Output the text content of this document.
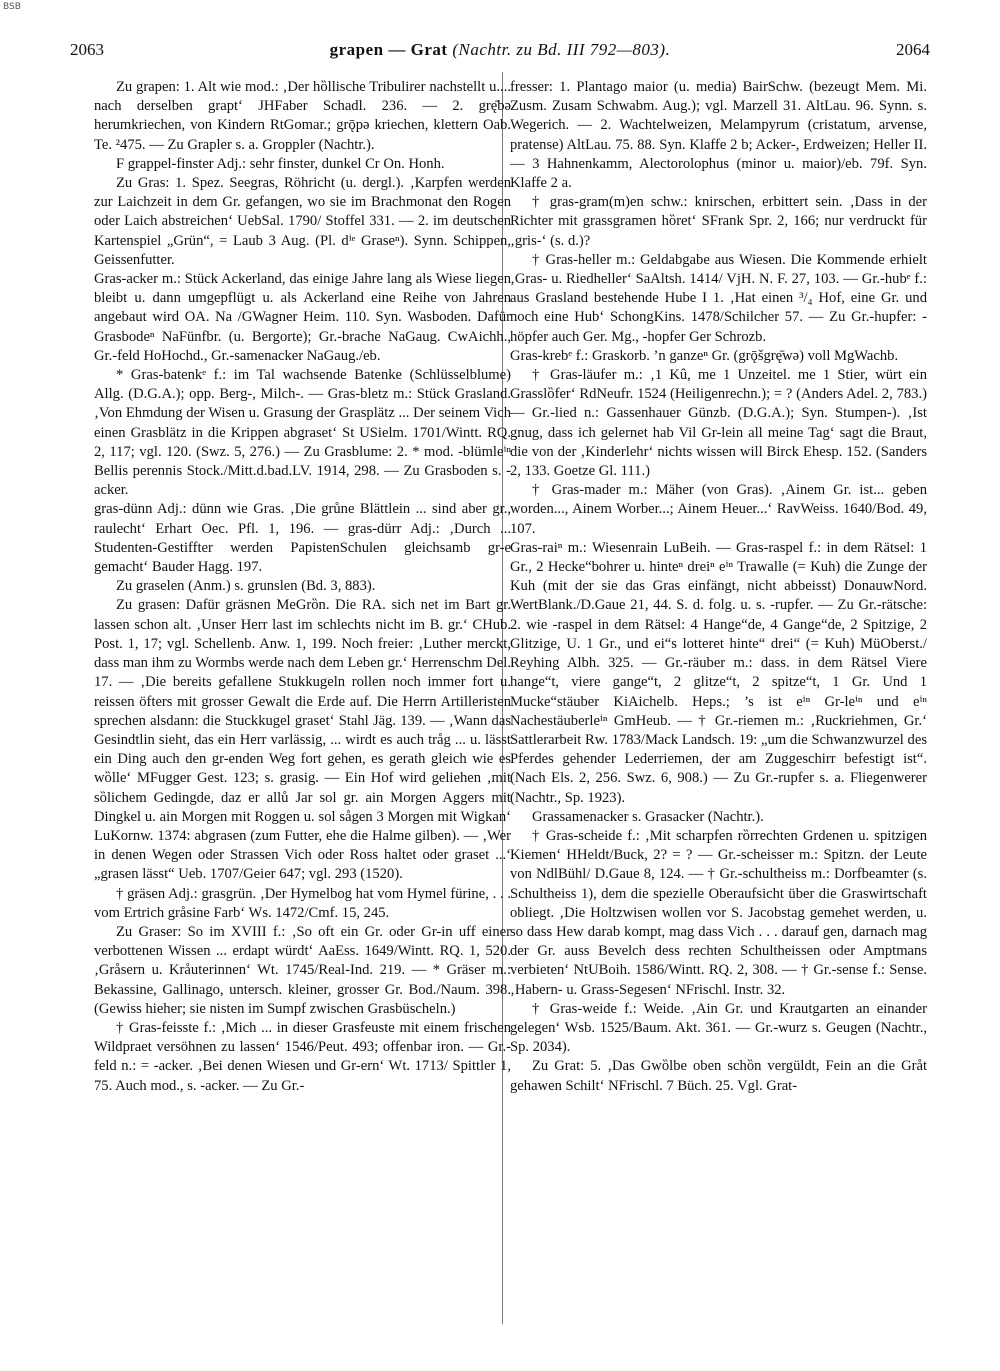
BSB
2063	grapen — Grat (Nachtr. zu Bd. III 792—803).	2064

Zu grapen: 1. Alt wie mod.: ‚Der hȍllische Tribulirer nachstellt u.... nach derselben grapt‘ JHFaber Schadl. 236. — 2. grę̄bə herumkriechen, von Kindern RtGomar.; grǭpə kriechen, klettern Oab. Te. ²475. — Zu Grapler s. a. Groppler (Nachtr.).

F grappel-finster Adj.: sehr finster, dunkel Cr On. Honh.

Zu Gras: 1. Spez. Seegras, Röhricht (u. dergl.). ‚Karpfen werden zur Laichzeit in dem Gr. gefangen, wo sie im Brachmonat den Rogen oder Laich abstreichen‘ UebSal. 1790/ Stoffel 331. — 2. im deutschen Kartenspiel „Grün“, = Laub 3 Aug. (Pl. dⁱᵉ Graseⁿ). Synn. Schippen, Geissenfutter.

Gras-acker m.: Stück Ackerland, das einige Jahre lang als Wiese liegen bleibt u. dann umgepflügt u. als Ackerland eine Reihe von Jahren angebaut wird OA. Na /GWagner Heim. 110. Syn. Wasboden. Dafür Grasbodeⁿ NaFünfbr. (u. Bergorte); Gr.-brache NaGaug. CwAichh., Gr.-feld HoHochd., Gr.-samenacker NaGaug./eb.

* Gras-batenkᵉ f.: im Tal wachsende Batenke (Schlüsselblume) Allg. (D.G.A.); opp. Berg-, Milch-. — Gras-bletz m.: Stück Grasland. ‚Von Ehmdung der Wisen u. Grasung der Grasplätz ... Der seinem Vich einen Grasblätz in die Krippen abgraset‘ St USielm. 1701/Wintt. RQ. 2, 117; vgl. 120. (Swz. 5, 276.) — Zu Grasblume: 2. * mod. -blümleⁱⁿ Bellis perennis Stock./Mitt.d.bad.LV. 1914, 298. — Zu Grasboden s. -acker.

gras-dünn Adj.: dünn wie Gras. ‚Die grůne Blättlein ... sind aber gr., raulecht‘ Erhart Oec. Pfl. 1, 196. — gras-dürr Adj.: ‚Durch ... Studenten-Gestiffter werden PapistenSchulen gleichsamb gr-e gemacht‘ Bauder Hagg. 197.

Zu graselen (Anm.) s. grunslen (Bd. 3, 883).

Zu grasen: Dafür gräsnen MeGrȍn. Die RA. sich net im Bart gr. lassen schon alt. ‚Unser Herr last im schlechts nicht im B. gr.‘ CHub. Post. 1, 17; vgl. Schellenb. Anw. 1, 199. Noch freier: ‚Luther merckt, dass man ihm zu Wormbs werde nach dem Leben gr.‘ Herrenschm Del. 17. — ‚Die bereits gefallene Stukkugeln rollen noch immer fort u. reissen öfters mit grosser Gewalt die Erde auf. Die Herrn Artilleristen sprechen alsdann: die Stuckkugel graset‘ Stahl Jäg. 139. — ‚Wann das Gesindtlin sieht, das ein Herr varlässig, ... wirdt es auch tråg ... u. lässt ein Ding auch den gr-enden Weg fort gehen, es gerath gleich wie es wȍlle‘ MFugger Gest. 123; s. grasig. — Ein Hof wird geliehen ‚mit sȍlichem Gedingde, daz er allů Jar sol gr. ain Morgen Aggers mit Dingkel u. ain Morgen mit Roggen u. sol sågen 3 Morgen mit Wigkan‘ LuKornw. 1374: abgrasen (zum Futter, ehe die Halme gilben). — ‚Wer in denen Wegen oder Strassen Vich oder Ross haltet oder graset ...‘ „grasen lässt“ Ueb. 1707/Geier 647; vgl. 293 (1520).

† gräsen Adj.: grasgrün. ‚Der Hymelbog hat vom Hymel fürine, . . . vom Ertrich gråsine Farb‘ Ws. 1472/Cmf. 15, 245.

Zu Graser: So im XVIII f.: ‚So oft ein Gr. oder Gr-in uff einer verbottenen Wissen ... erdapt würdt‘ AaEss. 1649/Wintt. RQ. 1, 520. ‚Gråsern u. Kråuterinnen‘ Wt. 1745/Real-Ind. 219. — * Gräser m.: Bekassine, Gallinago, untersch. kleiner, grosser Gr. Bod./Naum. 398. (Gewiss hieher; sie nisten im Sumpf zwischen Grasbüscheln.)

† Gras-feisste f.: ‚Mich ... in dieser Grasfeuste mit einem frischen Wildpraet versöhnen zu lassen‘ 1546/Peut. 493; offenbar iron. — Gr.-feld n.: = -acker. ‚Bei denen Wiesen und Gr-ern‘ Wt. 1713/ Spittler 1, 75. Auch mod., s. -acker. — Zu Gr.-

fresser: 1. Plantago maior (u. media) BairSchw. (bezeugt Mem. Mi. Zusm. Zusam Schwabm. Aug.); vgl. Marzell 31. AltLau. 96. Synn. s. Wegerich. — 2. Wachtelweizen, Melampyrum (cristatum, arvense, pratense) AltLau. 75. 88. Syn. Klaffe 2 b; Acker-, Erdweizen; Heller II. — 3 Hahnenkamm, Alectorolophus (minor u. maior)/eb. 79f. Syn. Klaffe 2 a.

† gras-gram(m)en schw.: knirschen, erbittert sein. ‚Dass in der Richter mit grassgramen hȍret‘ SFrank Spr. 2, 166; nur verdruckt für ‚gris-‘ (s. d.)?

† Gras-heller m.: Geldabgabe aus Wiesen. Die Kommende erhielt ‚Gras- u. Riedheller‘ SaAltsh. 1414/ VjH. N. F. 27, 103. — Gr.-hubᵉ f.: aus Grasland bestehende Hube I 1. ‚Hat einen ³/₄ Hof, eine Gr. und noch eine Hub‘ SchongKins. 1478/Schilcher 57. — Zu Gr.-hupfer: -höpfer auch Ger. Mg., -hopfer Ger Schrozb.

Gras-krebᵉ f.: Graskorb. ’n ganzeⁿ Gr. (grǭšgrę̄wə) voll MgWachb.

† Gras-läufer m.: ‚1 Kû, me 1 Unzeitel. me 1 Stier, würt ein Grasslȍfer‘ RdNeufr. 1524 (Heiligenrechn.); = ? (Anders Adel. 2, 783.) — Gr.-lied n.: Gassenhauer Günzb. (D.G.A.); Syn. Stumpen-). ‚Ist gnug, dass ich gelernet hab Vil Gr-lein all meine Tag‘ sagt die Braut, die von der ‚Kinderlehr‘ nichts wissen will Birck Ehesp. 152. (Sanders 2, 133. Goetze Gl. 111.)

† Gras-mader m.: Mäher (von Gras). ‚Ainem Gr. ist... geben worden..., Ainem Worber...; Ainem Heuer...‘ RavWeiss. 1640/Bod. 49, 107.

Gras-raiⁿ m.: Wiesenrain LuBeih. — Gras-raspel f.: in dem Rätsel: 1 Gr., 2 Hecke“bohrer u. hinteⁿ dreiⁿ eⁱⁿ Trawalle (= Kuh) die Zunge der Kuh (mit der sie das Gras einfängt, nicht abbeisst) DonauwNord. WertBlank./D.Gaue 21, 44. S. d. folg. u. s. -rupfer. — Zu Gr.-rätsche: 2. wie -raspel in dem Rätsel: 4 Hange“de, 4 Gange“de, 2 Spitzige, 2 Glitzige, U. 1 Gr., und ei“s lotteret hinte“ drei“ (= Kuh) MüOberst./ Reyhing Albh. 325. — Gr.-räuber m.: dass. in dem Rätsel Viere hange“t, viere gange“t, 2 glitze“t, 2 spitze“t, 1 Gr. Und 1 Mucke“stäuber KiAichelb. Heps.; ’s ist eⁱⁿ Gr-leⁱⁿ und eⁱⁿ Nachestäuberleⁱⁿ GmHeub. — † Gr.-riemen m.: ‚Ruckriehmen, Gr.‘ Sattlerarbeit Rw. 1783/Mack Landsch. 19: „um die Schwanzwurzel des Pferdes gehender Lederriemen, der am Zuggeschirr befestigt ist“. (Nach Els. 2, 256. Swz. 6, 908.) — Zu Gr.-rupfer s. a. Fliegenwerer (Nachtr., Sp. 1923).

Grassamenacker s. Grasacker (Nachtr.).

† Gras-scheide f.: ‚Mit scharpfen rȍrrechten Grdenen u. spitzigen Kiemen‘ HHeldt/Buck, 2? = ? — Gr.-scheisser m.: Spitzn. der Leute von NdlBühl/ D.Gaue 8, 124. — † Gr.-schultheiss m.: Dorfbeamter (s. Schultheiss 1), dem die spezielle Oberaufsicht über die Graswirtschaft obliegt. ‚Die Holtzwisen wollen vor S. Jacobstag gemehet werden, u. so dass Hew darab kompt, mag dass Vich . . . darauf gen, darnach mag der Gr. auss Bevelch dess rechten Schultheissen oder Amptmans verbieten‘ NtUBoih. 1586/Wintt. RQ. 2, 308. — † Gr.-sense f.: Sense. ‚Habern- u. Grass-Segesen‘ NFrischl. Instr. 32.

† Gras-weide f.: Weide. ‚Ain Gr. und Krautgarten an einander gelegen‘ Wsb. 1525/Baum. Akt. 361. — Gr.-wurz s. Geugen (Nachtr., Sp. 2034).

Zu Grat: 5. ‚Das Gwȍlbe oben schȍn vergüldt, Fein an die Gråt gehawen Schilt‘ NFrischl. 7 Büch. 25. Vgl. Grat-
